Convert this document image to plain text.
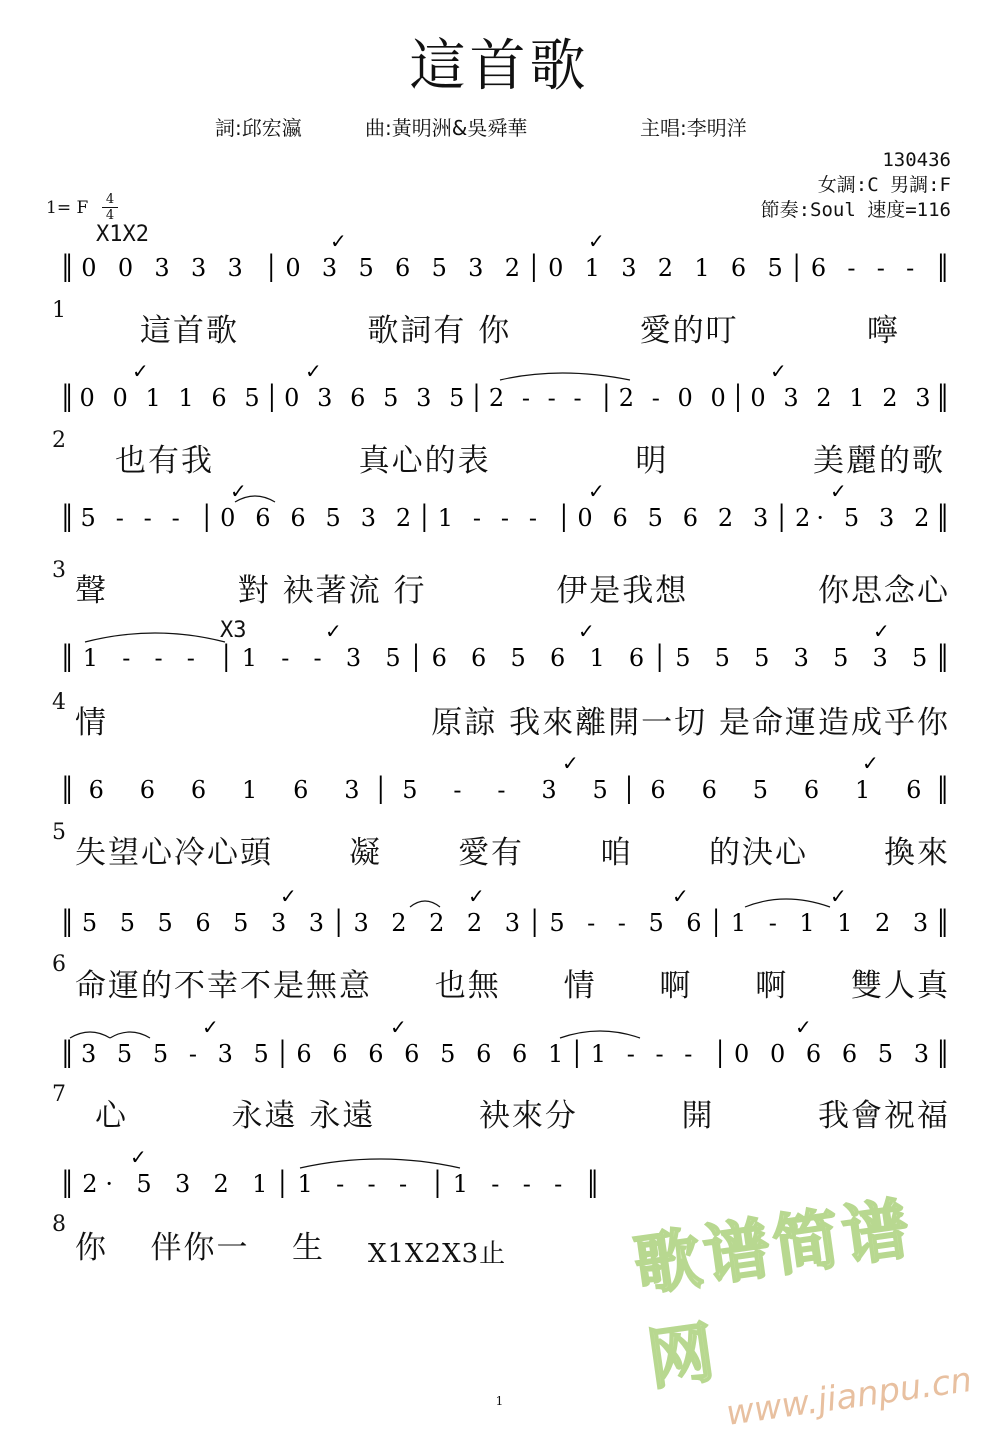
這首歌
詞:邱宏瀛	曲:黃明洲&吳舜華	主唱:李明洋
130436
女調:C 男調:F
節奏:Soul 速度=116
1= F 4
4
X1X2
║0 0 3 3 3 │0 3 5 6 5 3 2│0 1 3 2 1 6 5│6 - - - ║
✓	✓
1
這首歌	歌詞有 你	愛的叮	嚀
║0 0 1 1 6 5│0 3 6 5 3 5│2 - - - │2 - 0 0│0 3 2 1 2 3║
✓	✓	✓
2
也有我	真心的表	明	美麗的歌
║5 - - - │0 6 6 5 3 2│1 - - - │0 6 5 6 2 3│2· 5 3 2║
✓	✓	✓
3
聲	對 袂著流 行	伊是我想	你思念心
X3
║1 - - - │1 - - 3 5│6 6 5 6 1 6│5 5 5 3 5 3 5║
✓	✓	✓
4
情	原諒 我來離開一切 是命運造成乎你
║6 6 6 1 6 3│5 - - 3 5│6 6 5 6 1 6║
✓	✓
5
失望心冷心頭 凝 愛有 咱 的決心 換來
║5 5 5 6 5 3 3│3 2 2 2 3│5 - - 5 6│1 - 1 1 2 3║
✓	✓	✓	✓
6
命運的不幸不是無意 也無 情 啊 啊 雙人真
║3 5 5 - 3 5│6 6 6 6 5 6 6 1│1 - - - │0 0 6 6 5 3║
✓	✓	✓
7
心	永遠 永遠	袂來分	開	我會祝福
║2· 5 3 2 1│1 - - - │1 - - - ║
✓
8
你 伴你一 生 X1X2X3止 歌谱简谱网 www.jianpu.cn
1
